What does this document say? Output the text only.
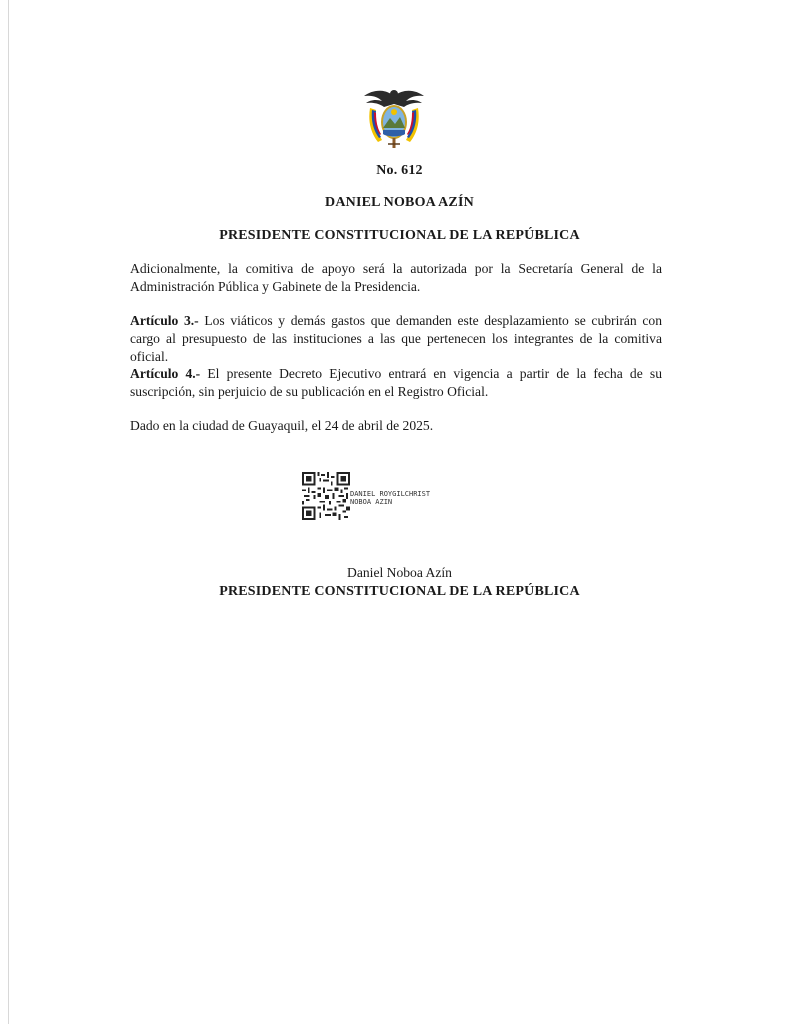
No. 612
DANIEL NOBOA AZÍN
PRESIDENTE CONSTITUCIONAL DE LA REPÚBLICA

Adicionalmente, la comitiva de apoyo será la autorizada por la Secretaría General de la Administración Pública y Gabinete de la Presidencia.

Artículo 3.- Los viáticos y demás gastos que demanden este desplazamiento se cubrirán con cargo al presupuesto de las instituciones a las que pertenecen los integrantes de la comitiva oficial.

Artículo 4.- El presente Decreto Ejecutivo entrará en vigencia a partir de la fecha de su suscripción, sin perjuicio de su publicación en el Registro Oficial.

Dado en la ciudad de Guayaquil, el 24 de abril de 2025.

DANIEL ROYGILCHRIST
NOBOA AZIN
Daniel Noboa Azín
PRESIDENTE CONSTITUCIONAL DE LA REPÚBLICA
